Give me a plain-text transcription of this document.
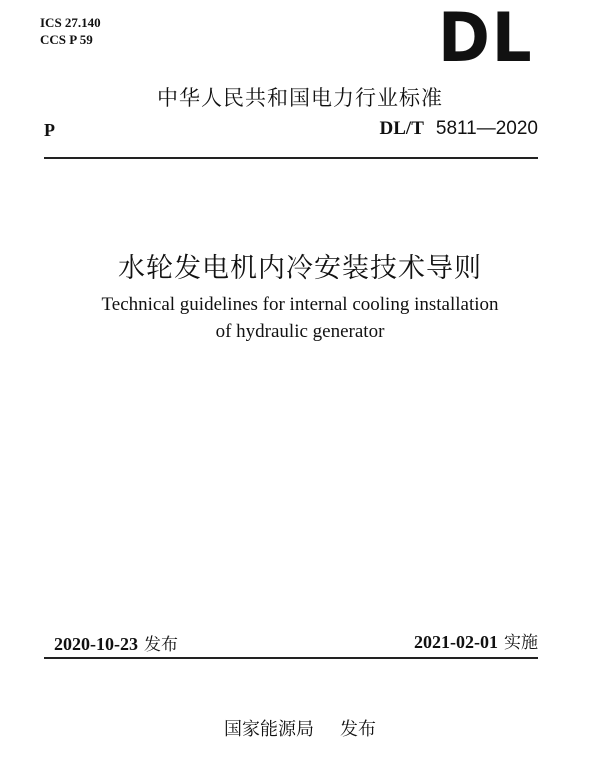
ICS 27.140
CCS P 59	DL
中华人民共和国电力行业标准
P	DL/T 5811—2020
水轮发电机内冷安装技术导则
Technical guidelines for internal cooling installation
of hydraulic generator
2020-10-23 发布	2021-02-01 实施
国家能源局 发布
